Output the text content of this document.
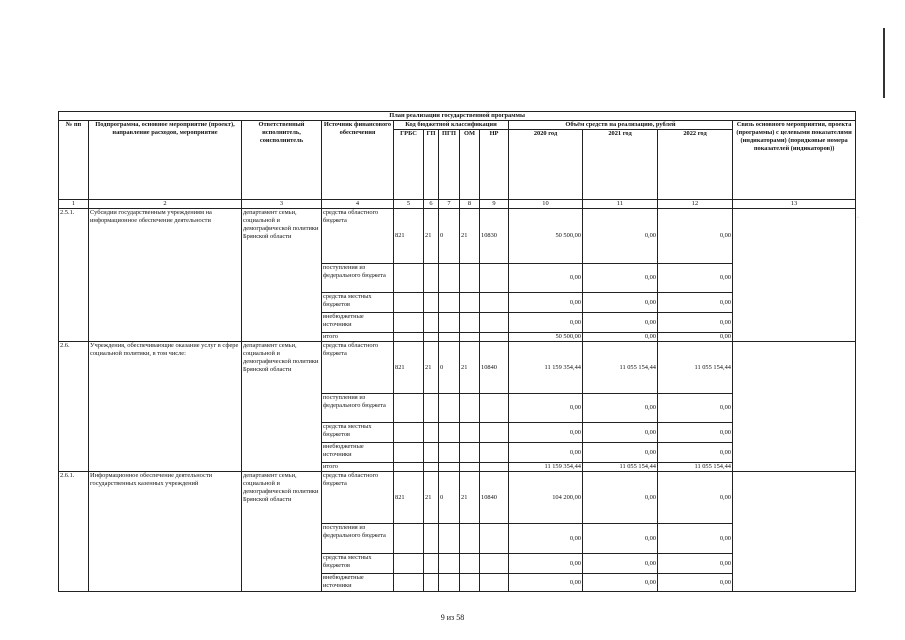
·
План реализации государственной программы												
№ пп	Подпрограмма, основное мероприятие (проект), направление расходов, мероприятие	Ответственный исполнитель, соисполнитель	Источник финансового обеспечения	Код бюджетной классификации					Объём средств на реализацию, рублей			Связь основного мероприятия, проекта (программы) с целевыми показателями (индикаторами) (порядковые номера показателей (индикаторов))
				ГРБС	ГП	ПГП	ОМ	НР	2020 год	2021 год	2022 год	
1	2	3	4	5	6	7	8	9	10	11	12	13
2.5.1.	Субсидии государственным учреждениям на информационное обеспечение деятельности	департамент семьи, социальной и демографической политики Брянской области	средства областного бюджета	821	21	0	21	10830	50 500,00	0,00	0,00	
			поступления из федерального бюджета						0,00	0,00	0,00	
			средства местных бюджетов						0,00	0,00	0,00	
			внебюджетные источники						0,00	0,00	0,00	
			итого						50 500,00	0,00	0,00	
2.6.	Учреждения, обеспечивающие оказание услуг в сфере социальной политики, в том числе:	департамент семьи, социальной и демографической политики Брянской области	средства областного бюджета	821	21	0	21	10840	11 159 354,44	11 055 154,44	11 055 154,44	
			поступления из федерального бюджета						0,00	0,00	0,00	
			средства местных бюджетов						0,00	0,00	0,00	
			внебюджетные источники						0,00	0,00	0,00	
			итого						11 159 354,44	11 055 154,44	11 055 154,44	
2.6.1.	Информационное обеспечение деятельности государственных казенных учреждений	департамент семьи, социальной и демографической политики Брянской области	средства областного бюджета	821	21	0	21	10840	104 200,00	0,00	0,00	
			поступления из федерального бюджета						0,00	0,00	0,00	
			средства местных бюджетов						0,00	0,00	0,00	
			внебюджетные источники						0,00	0,00	0,00	
9 из 58
